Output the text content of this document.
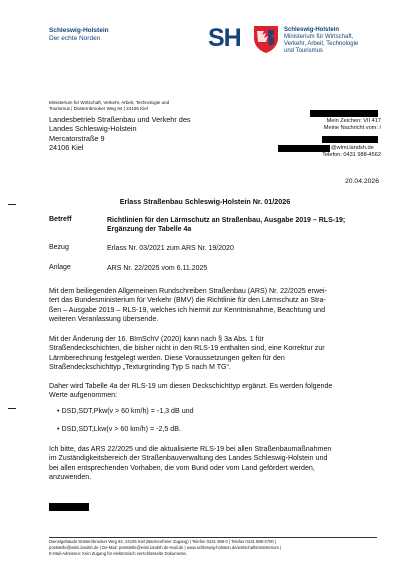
Schleswig-Holstein
Der echte Norden	SH	Schleswig-Holstein
Ministerium für Wirtschaft,
Verkehr, Arbeit, Technologie
und Tourismus
Ministerium für Wirtschaft, Verkehr, Arbeit, Technologie und
Tourismus | Düsternbrooker Weg 94 | 24105 Kiel
Landesbetrieb Straßenbau und Verkehr des
Landes Schleswig-Holstein
Mercatorstraße 9
24106 Kiel
Mein Zeichen: VII 417
Meine Nachricht vom: /
@wimi.landsh.de
Telefon: 0431 988-4562
20.04.2026
Erlass Straßenbau Schleswig-Holstein Nr. 01/2026
Betreff	Richtlinien für den Lärmschutz an Straßenbau, Ausgabe 2019 – RLS-19; Ergänzung der Tabelle 4a
Bezug	Erlass Nr. 03/2021 zum ARS Nr. 19/2020
Anlage	ARS Nr. 22/2025 vom 6.11.2025
Mit dem beiliegenden Allgemeinen Rundschreiben Straßenbau (ARS) Nr. 22/2025 erwei-
tert das Bundesministerium für Verkehr (BMV) die Richtlinie für den Lärmschutz an Stra-
ßen – Ausgabe 2019 – RLS-19, welches ich hiermit zur Kenntnisnahme, Beachtung und
weiteren Veranlassung übersende.
Mit der Änderung der 16. BImSchV (2020) kann nach § 3a Abs. 1 für
Straßendeckschichten, die bisher nicht in den RLS-19 enthalten sind, eine Korrektur zur
Lärmberechnung festgelegt werden. Diese Voraussetzungen gelten für den
Straßendeckschichttyp „Texturgrinding Typ S nach M TG“.
Daher wird Tabelle 4a der RLS-19 um diesen Deckschichttyp ergänzt. Es werden folgende
Werte aufgenommen:
• DSD,SDT,Pkw(v > 60 km/h) = -1,3 dB und
• DSD,SDT,Lkw(v > 60 km/h) = -2,5 dB.
Ich bitte, das ARS 22/2025 und die aktualisierte RLS-19 bei allen Straßenbaumaßnahmen
im Zuständigkeitsbereich der Straßenbauverwaltung des Landes Schleswig-Holstein und
bei allen entsprechenden Vorhaben, die vom Bund oder vom Land gefördert werden,
anzuwenden.
Dienstgebäude Düsternbrooker Weg 94, 24105 Kiel (Barrierefreier Zugang) | Telefon 0431 988-0 | Telefax 0431 988-4700 |
poststelle@wimi.landsh.de | De-Mail: poststelle@wimi.landsh.de-mail.de | www.schleswig-holstein.de/wirtschaftsministerium |
E-Mail-Adressen: Kein Zugang für elektronisch verschlüsselte Dokumente.
